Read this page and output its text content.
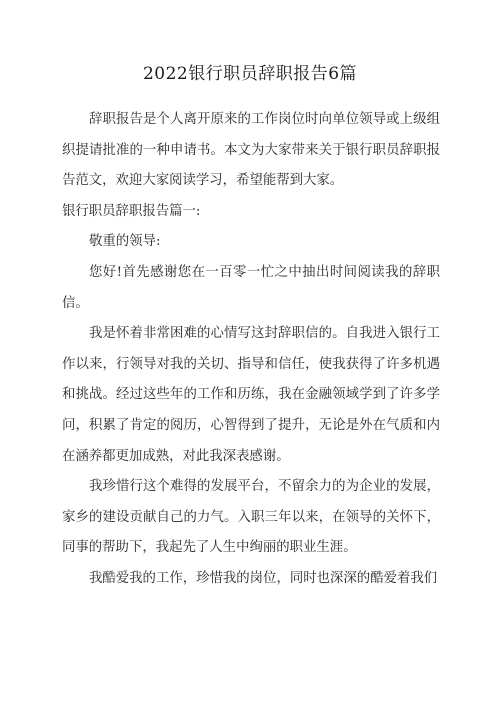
2022银行职员辞职报告6篇

辞职报告是个人离开原来的工作岗位时向单位领导或上级组织提请批准的一种申请书。本文为大家带来关于银行职员辞职报告范文，欢迎大家阅读学习，希望能帮到大家。

银行职员辞职报告篇一:

敬重的领导:

您好!首先感谢您在一百零一忙之中抽出时间阅读我的辞职信。

我是怀着非常困难的心情写这封辞职信的。自我进入银行工作以来，行领导对我的关切、指导和信任，使我获得了许多机遇和挑战。经过这些年的工作和历练，我在金融领域学到了许多学问，积累了肯定的阅历，心智得到了提升，无论是外在气质和内在涵养都更加成熟，对此我深表感谢。

我珍惜行这个难得的发展平台，不留余力的为企业的发展，家乡的建设贡献自己的力气。入职三年以来，在领导的关怀下，同事的帮助下，我起先了人生中绚丽的职业生涯。

我酷爱我的工作，珍惜我的岗位，同时也深深的酷爱着我们
